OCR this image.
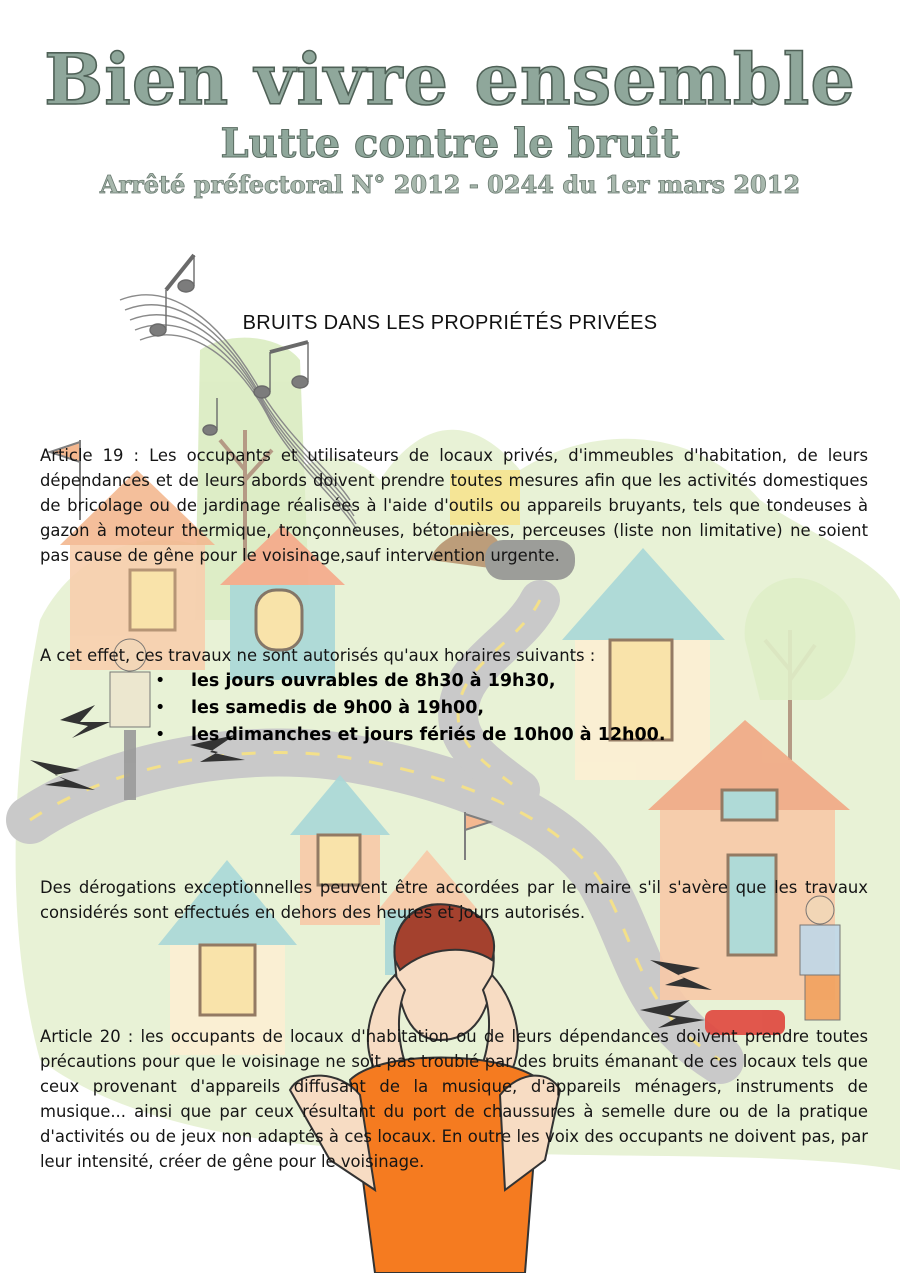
Bien vivre ensemble
Lutte contre le bruit
Arrêté préfectoral N° 2012 - 0244 du 1er mars 2012
BRUITS DANS LES PROPRIÉTÉS PRIVÉES
Article 19 : Les occupants et utilisateurs de locaux privés, d'immeubles d'habitation, de leurs dépendances et de leurs abords doivent prendre toutes mesures afin que les activités domestiques de bricolage ou de jardinage réalisées à l'aide d'outils ou appareils bruyants, tels que tondeuses à gazon à moteur thermique, tronçonneuses, bétonnières, perceuses (liste non limitative) ne soient pas cause de gêne pour le voisinage,sauf intervention urgente.
A cet effet, ces travaux ne sont autorisés qu'aux horaires suivants :
• les jours ouvrables de 8h30 à 19h30,
• les samedis de 9h00 à 19h00,
• les dimanches et jours fériés de 10h00 à 12h00.
Des dérogations exceptionnelles peuvent être accordées par le maire s'il s'avère que les travaux considérés sont effectués en dehors des heures et jours autorisés.
Article 20 : les occupants de locaux d'habitation ou de leurs dépendances doivent prendre toutes précautions pour que le voisinage ne soit pas troublé par des bruits émanant de ces locaux tels que ceux provenant d'appareils diffusant de la musique, d'appareils ménagers, instruments de musique... ainsi que par ceux résultant du port de chaussures à semelle dure ou de la pratique d'activités ou de jeux non adaptés à ces locaux. En outre les voix des occupants ne doivent pas, par leur intensité, créer de gêne pour le voisinage.
